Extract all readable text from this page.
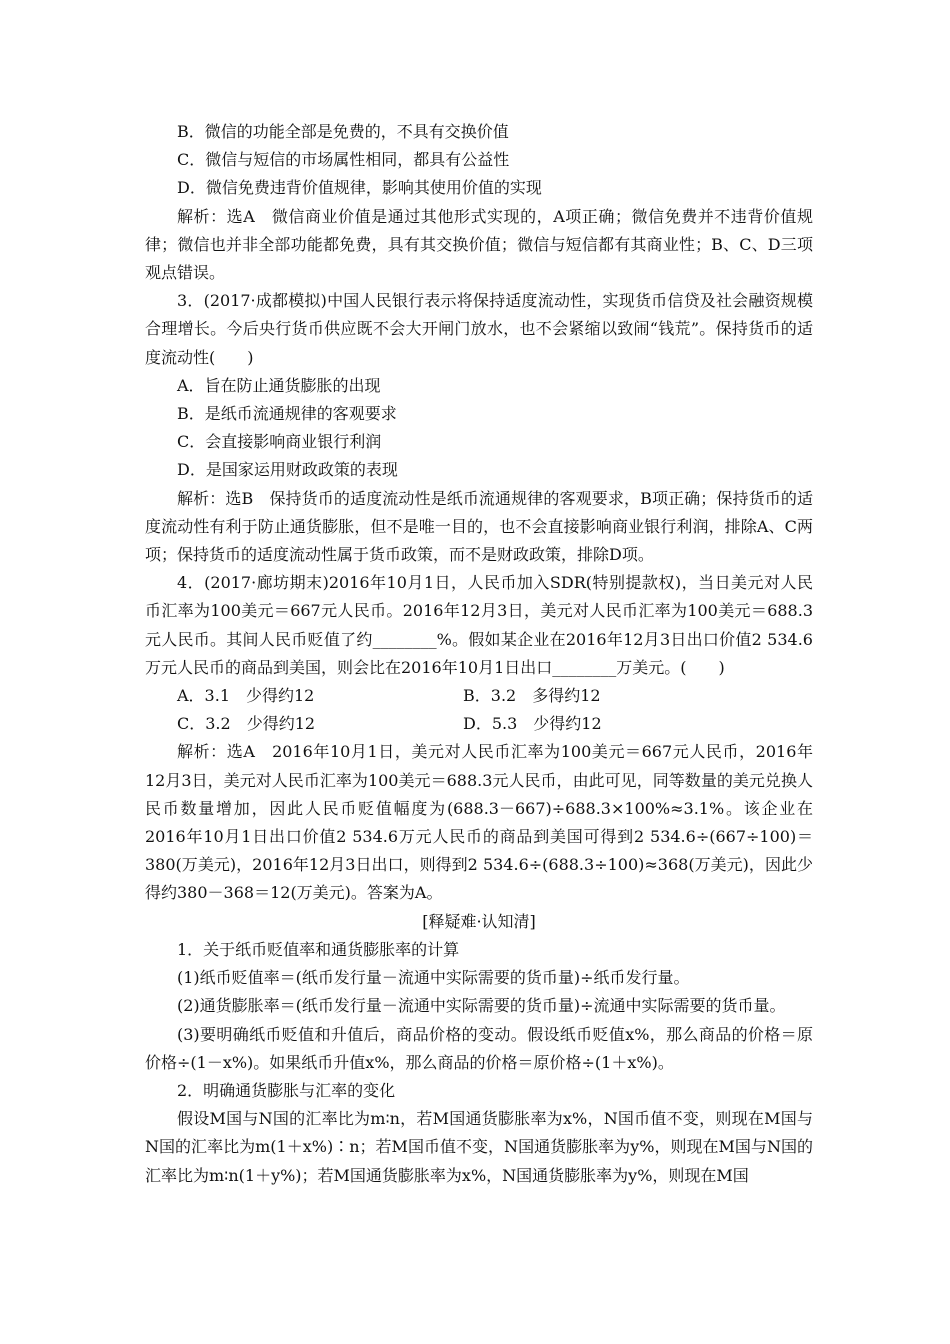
B．微信的功能全部是免费的，不具有交换价值

C．微信与短信的市场属性相同，都具有公益性

D．微信免费违背价值规律，影响其使用价值的实现

解析：选A　微信商业价值是通过其他形式实现的，A项正确；微信免费并不违背价值规律；微信也并非全部功能都免费，具有其交换价值；微信与短信都有其商业性；B、C、D三项观点错误。

3．(2017·成都模拟)中国人民银行表示将保持适度流动性，实现货币信贷及社会融资规模合理增长。今后央行货币供应既不会大开闸门放水，也不会紧缩以致闹“钱荒”。保持货币的适度流动性(　　)

A．旨在防止通货膨胀的出现

B．是纸币流通规律的客观要求

C．会直接影响商业银行利润

D．是国家运用财政政策的表现

解析：选B　保持货币的适度流动性是纸币流通规律的客观要求，B项正确；保持货币的适度流动性有利于防止通货膨胀，但不是唯一目的，也不会直接影响商业银行利润，排除A、C两项；保持货币的适度流动性属于货币政策，而不是财政政策，排除D项。

4．(2017·廊坊期末)2016年10月1日，人民币加入SDR(特别提款权)，当日美元对人民币汇率为100美元＝667元人民币。2016年12月3日，美元对人民币汇率为100美元＝688.3元人民币。其间人民币贬值了约________%。假如某企业在2016年12月3日出口价值2 534.6万元人民币的商品到美国，则会比在2016年10月1日出口________万美元。(　　)

A．3.1　少得约12	B．3.2　多得约12
C．3.2　少得约12	D．5.3　少得约12

解析：选A　2016年10月1日，美元对人民币汇率为100美元＝667元人民币，2016年12月3日，美元对人民币汇率为100美元＝688.3元人民币，由此可见，同等数量的美元兑换人民币数量增加，因此人民币贬值幅度为(688.3－667)÷688.3×100%≈3.1%。该企业在2016年10月1日出口价值2 534.6万元人民币的商品到美国可得到2 534.6÷(667÷100)＝380(万美元)，2016年12月3日出口，则得到2 534.6÷(688.3÷100)≈368(万美元)，因此少得约380－368＝12(万美元)。答案为A。

[释疑难·认知清]

1．关于纸币贬值率和通货膨胀率的计算

(1)纸币贬值率＝(纸币发行量－流通中实际需要的货币量)÷纸币发行量。

(2)通货膨胀率＝(纸币发行量－流通中实际需要的货币量)÷流通中实际需要的货币量。

(3)要明确纸币贬值和升值后，商品价格的变动。假设纸币贬值x%，那么商品的价格＝原价格÷(1－x%)。如果纸币升值x%，那么商品的价格＝原价格÷(1＋x%)。

2．明确通货膨胀与汇率的变化

假设M国与N国的汇率比为m∶n，若M国通货膨胀率为x%，N国币值不变，则现在M国与N国的汇率比为m(1＋x%)∶n；若M国币值不变，N国通货膨胀率为y%，则现在M国与N国的汇率比为m∶n(1＋y%)；若M国通货膨胀率为x%，N国通货膨胀率为y%，则现在M国
